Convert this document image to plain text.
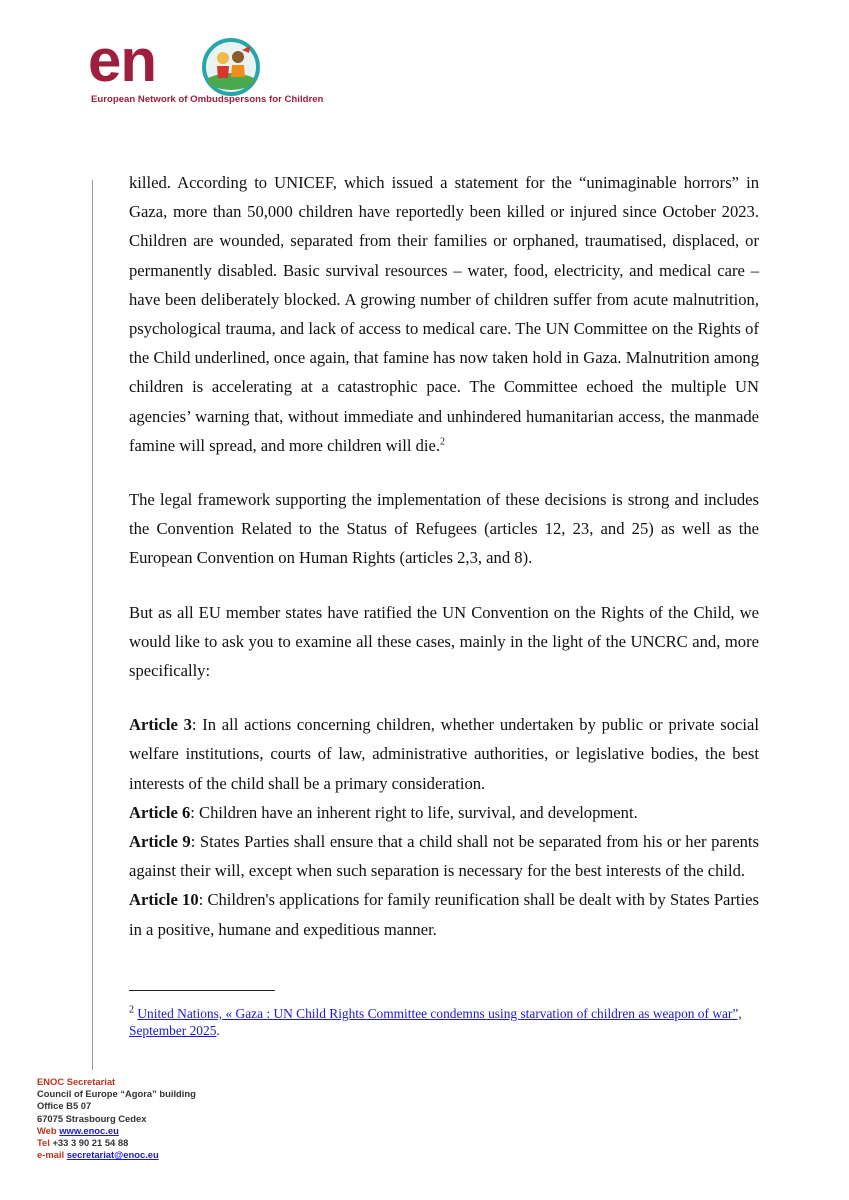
en
European Network of Ombudspersons for Children

killed. According to UNICEF, which issued a statement for the “unimaginable horrors” in Gaza, more than 50,000 children have reportedly been killed or injured since October 2023. Children are wounded, separated from their families or orphaned, traumatised, displaced, or permanently disabled. Basic survival resources – water, food, electricity, and medical care – have been deliberately blocked. A growing number of children suffer from acute malnutrition, psychological trauma, and lack of access to medical care. The UN Committee on the Rights of the Child underlined, once again, that famine has now taken hold in Gaza. Malnutrition among children is accelerating at a catastrophic pace. The Committee echoed the multiple UN agencies’ warning that, without immediate and unhindered humanitarian access, the manmade famine will spread, and more children will die.$^2$

The legal framework supporting the implementation of these decisions is strong and includes the Convention Related to the Status of Refugees (articles 12, 23, and 25) as well as the European Convention on Human Rights (articles 2,3, and 8).

But as all EU member states have ratified the UN Convention on the Rights of the Child, we would like to ask you to examine all these cases, mainly in the light of the UNCRC and, more specifically:

Article 3: In all actions concerning children, whether undertaken by public or private social welfare institutions, courts of law, administrative authorities, or legislative bodies, the best interests of the child shall be a primary consideration.

Article 6: Children have an inherent right to life, survival, and development.

Article 9: States Parties shall ensure that a child shall not be separated from his or her parents against their will, except when such separation is necessary for the best interests of the child.

Article 10: Children's applications for family reunification shall be dealt with by States Parties in a positive, humane and expeditious manner.

$^2$ United Nations, « Gaza : UN Child Rights Committee condemns using starvation of children as weapon of war”, September 2025.
ENOC Secretariat
Council of Europe “Agora” building
Office B5 07
67075 Strasbourg Cedex
Web www.enoc.eu
Tel +33 3 90 21 54 88
e-mail secretariat@enoc.eu
